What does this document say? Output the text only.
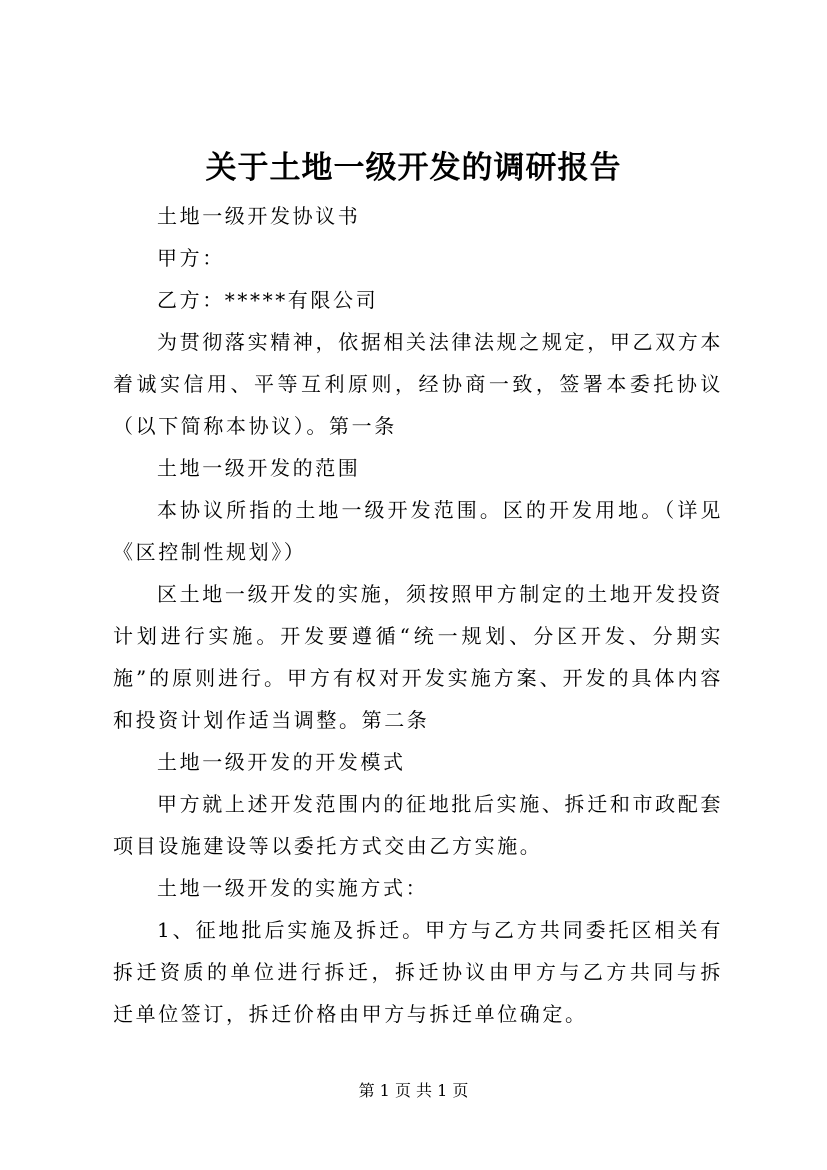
关于土地一级开发的调研报告

土地一级开发协议书

甲方：

乙方：*****有限公司

为贯彻落实精神，依据相关法律法规之规定，甲乙双方本着诚实信用、平等互利原则，经协商一致，签署本委托协议（以下简称本协议）。第一条

土地一级开发的范围

本协议所指的土地一级开发范围。区的开发用地。（详见《区控制性规划》）

区土地一级开发的实施，须按照甲方制定的土地开发投资计划进行实施。开发要遵循“统一规划、分区开发、分期实施”的原则进行。甲方有权对开发实施方案、开发的具体内容和投资计划作适当调整。第二条

土地一级开发的开发模式

甲方就上述开发范围内的征地批后实施、拆迁和市政配套项目设施建设等以委托方式交由乙方实施。

土地一级开发的实施方式：

1、征地批后实施及拆迁。甲方与乙方共同委托区相关有拆迁资质的单位进行拆迁，拆迁协议由甲方与乙方共同与拆迁单位签订，拆迁价格由甲方与拆迁单位确定。

第 1 页 共 1 页
